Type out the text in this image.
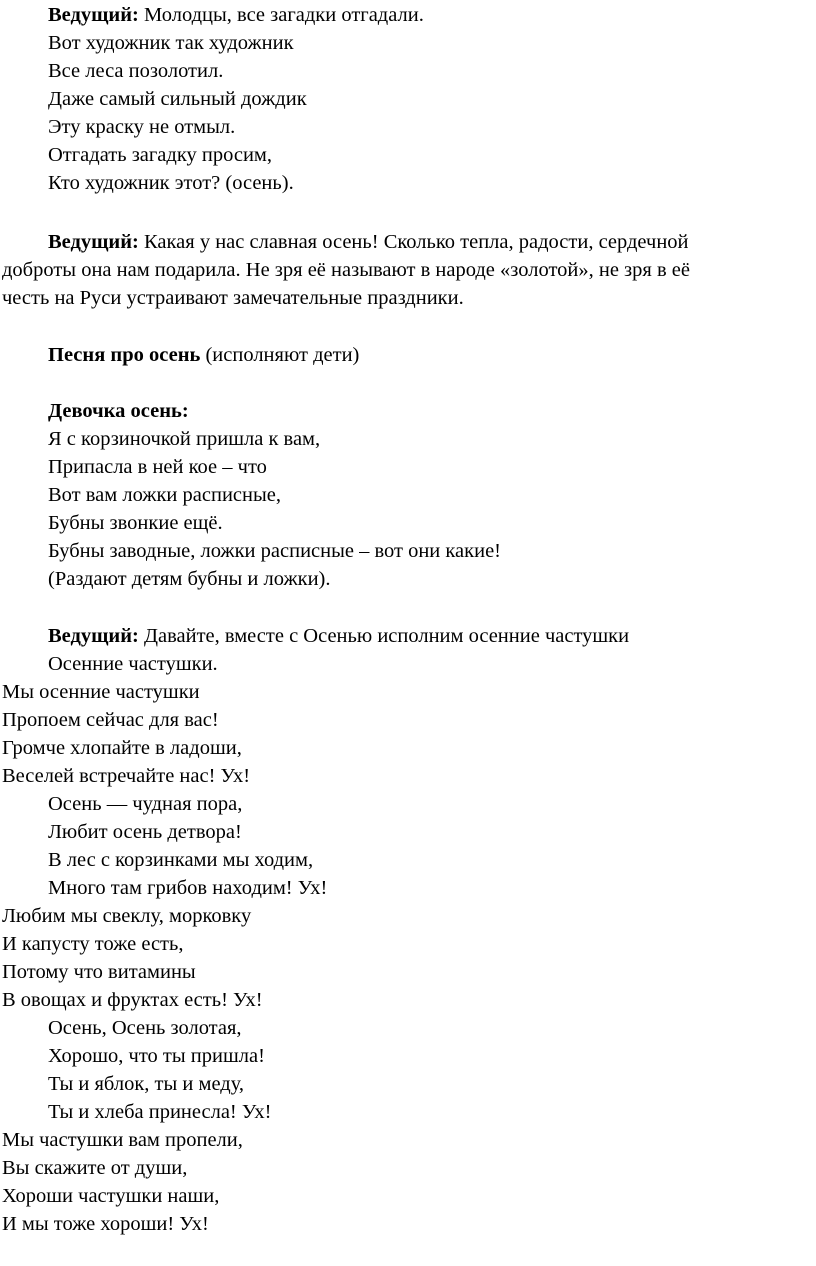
Ведущий: Молодцы, все загадки отгадали.
Вот художник так художник
Все леса позолотил.
Даже самый сильный дождик
Эту краску не отмыл.
Отгадать загадку просим,
Кто художник этот? (осень).
Ведущий: Какая у нас славная осень! Сколько тепла, радости, сердечной
доброты она нам подарила. Не зря её называют в народе «золотой», не зря в её
честь на Руси устраивают замечательные праздники.
Песня про осень (исполняют дети)
Девочка осень:
Я с корзиночкой пришла к вам,
Припасла в ней кое – что
Вот вам ложки расписные,
Бубны звонкие ещё.
Бубны заводные, ложки расписные – вот они какие!
(Раздают детям бубны и ложки).
Ведущий: Давайте, вместе с Осенью исполним осенние частушки
Осенние частушки.
Мы осенние частушки
Пропоем сейчас для вас!
Громче хлопайте в ладоши,
Веселей встречайте нас! Ух!
Осень — чудная пора,
Любит осень детвора!
В лес с корзинками мы ходим,
Много там грибов находим! Ух!
Любим мы свеклу, морковку
И капусту тоже есть,
Потому что витамины
В овощах и фруктах есть! Ух!
Осень, Осень золотая,
Хорошо, что ты пришла!
Ты и яблок, ты и меду,
Ты и хлеба принесла! Ух!
Мы частушки вам пропели,
Вы скажите от души,
Хороши частушки наши,
И мы тоже хороши! Ух!
